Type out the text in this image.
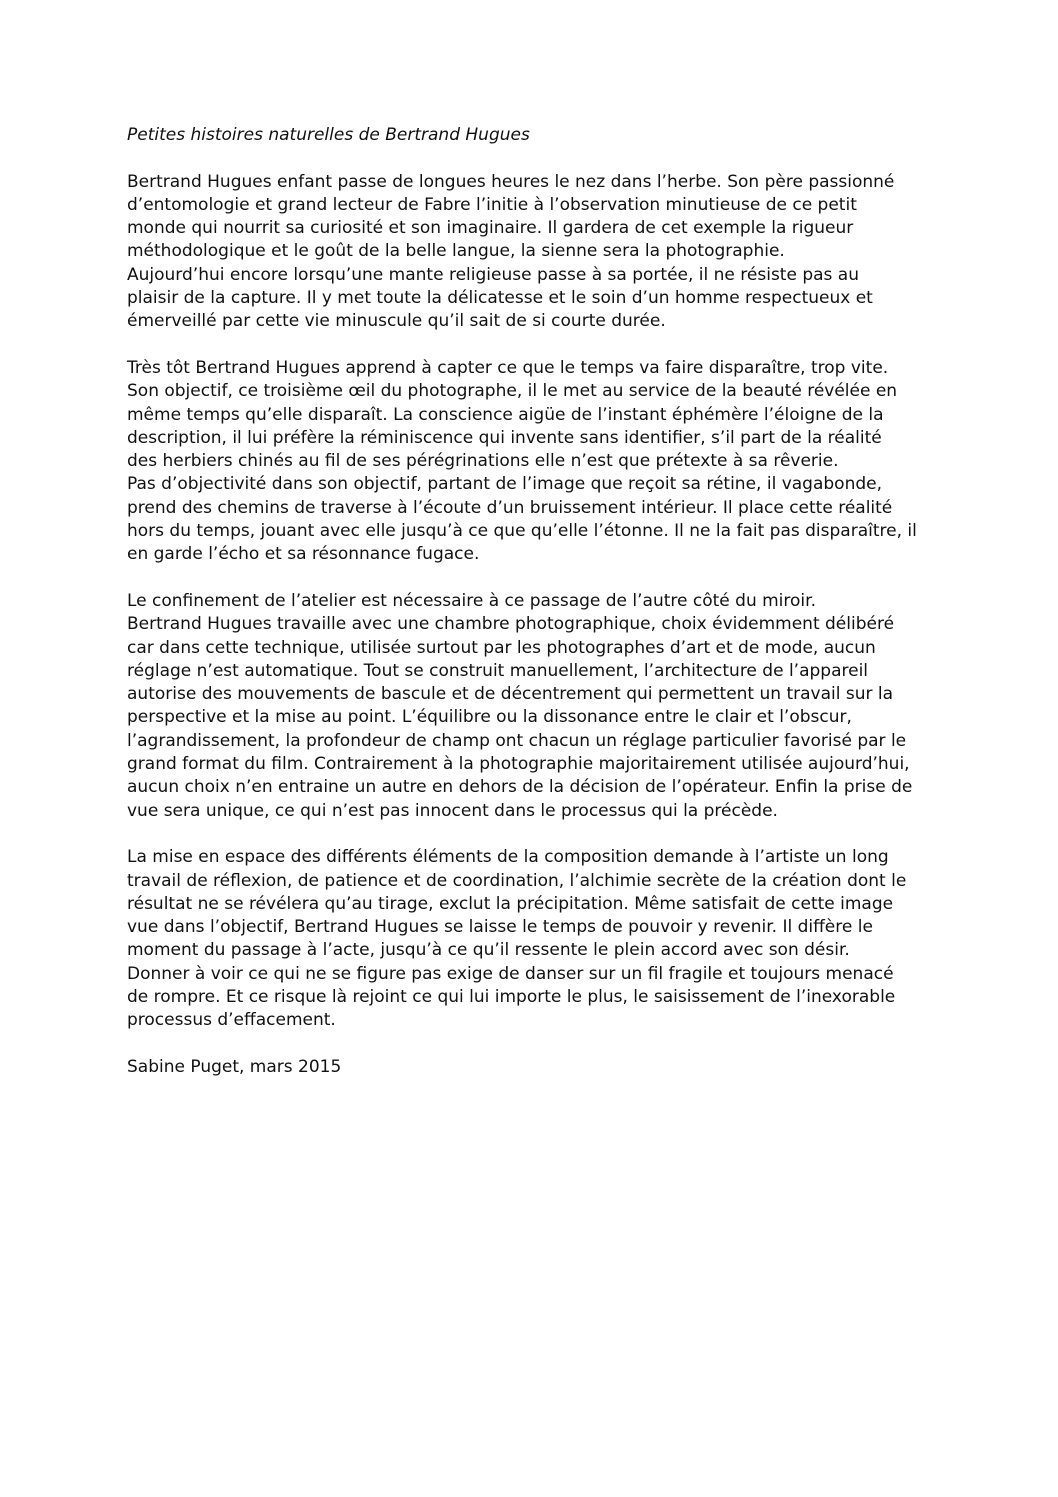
Petites histoires naturelles de Bertrand Hugues
Bertrand Hugues enfant passe de longues heures le nez dans l’herbe. Son père passionné
d’entomologie et grand lecteur de Fabre l’initie à l’observation minutieuse de ce petit
monde qui nourrit sa curiosité et son imaginaire. Il gardera de cet exemple la rigueur
méthodologique et le goût de la belle langue, la sienne sera la photographie.
Aujourd’hui encore lorsqu’une mante religieuse passe à sa portée, il ne résiste pas au
plaisir de la capture. Il y met toute la délicatesse et le soin d’un homme respectueux et
émerveillé par cette vie minuscule qu’il sait de si courte durée.
Très tôt Bertrand Hugues apprend à capter ce que le temps va faire disparaître, trop vite.
Son objectif, ce troisième œil du photographe, il le met au service de la beauté révélée en
même temps qu’elle disparaît. La conscience aigüe de l’instant éphémère l’éloigne de la
description, il lui préfère la réminiscence qui invente sans identifier, s’il part de la réalité
des herbiers chinés au fil de ses pérégrinations elle n’est que prétexte à sa rêverie.
Pas d’objectivité dans son objectif, partant de l’image que reçoit sa rétine, il vagabonde,
prend des chemins de traverse à l’écoute d’un bruissement intérieur. Il place cette réalité
hors du temps, jouant avec elle jusqu’à ce que qu’elle l’étonne. Il ne la fait pas disparaître, il
en garde l’écho et sa résonnance fugace.
Le confinement de l’atelier est nécessaire à ce passage de l’autre côté du miroir.
Bertrand Hugues travaille avec une chambre photographique, choix évidemment délibéré
car dans cette technique, utilisée surtout par les photographes d’art et de mode, aucun
réglage n’est automatique. Tout se construit manuellement, l’architecture de l’appareil
autorise des mouvements de bascule et de décentrement qui permettent un travail sur la
perspective et la mise au point. L’équilibre ou la dissonance entre le clair et l’obscur,
l’agrandissement, la profondeur de champ ont chacun un réglage particulier favorisé par le
grand format du film. Contrairement à la photographie majoritairement utilisée aujourd’hui,
aucun choix n’en entraine un autre en dehors de la décision de l’opérateur. Enfin la prise de
vue sera unique, ce qui n’est pas innocent dans le processus qui la précède.
La mise en espace des différents éléments de la composition demande à l’artiste un long
travail de réflexion, de patience et de coordination, l’alchimie secrète de la création dont le
résultat ne se révélera qu’au tirage, exclut la précipitation. Même satisfait de cette image
vue dans l’objectif, Bertrand Hugues se laisse le temps de pouvoir y revenir. Il diffère le
moment du passage à l’acte, jusqu’à ce qu’il ressente le plein accord avec son désir.
Donner à voir ce qui ne se figure pas exige de danser sur un fil fragile et toujours menacé
de rompre. Et ce risque là rejoint ce qui lui importe le plus, le saisissement de l’inexorable
processus d’effacement.
Sabine Puget, mars 2015
